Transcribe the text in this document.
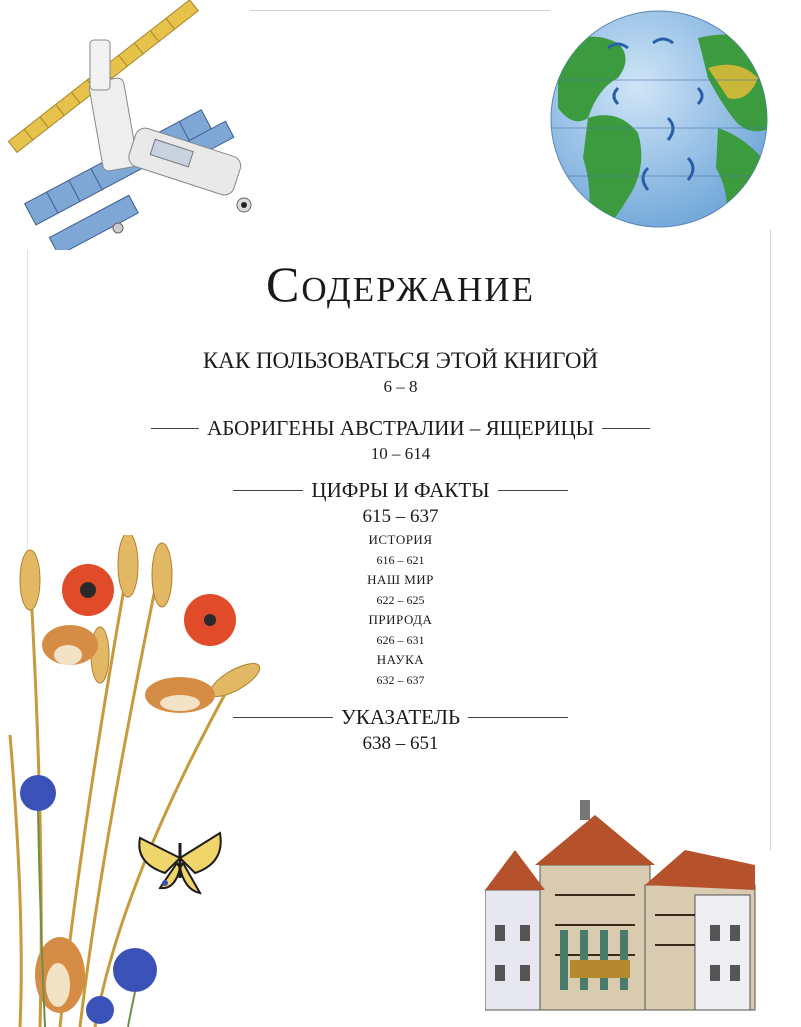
Содержание
КАК ПОЛЬЗОВАТЬСЯ ЭТОЙ КНИГОЙ
6 – 8
АБОРИГЕНЫ АВСТРАЛИИ – ЯЩЕРИЦЫ
10 – 614
ЦИФРЫ И ФАКТЫ
615 – 637
ИСТОРИЯ
616 – 621
НАШ МИР
622 – 625
ПРИРОДА
626 – 631
НАУКА
632 – 637
УКАЗАТЕЛЬ
638 – 651
